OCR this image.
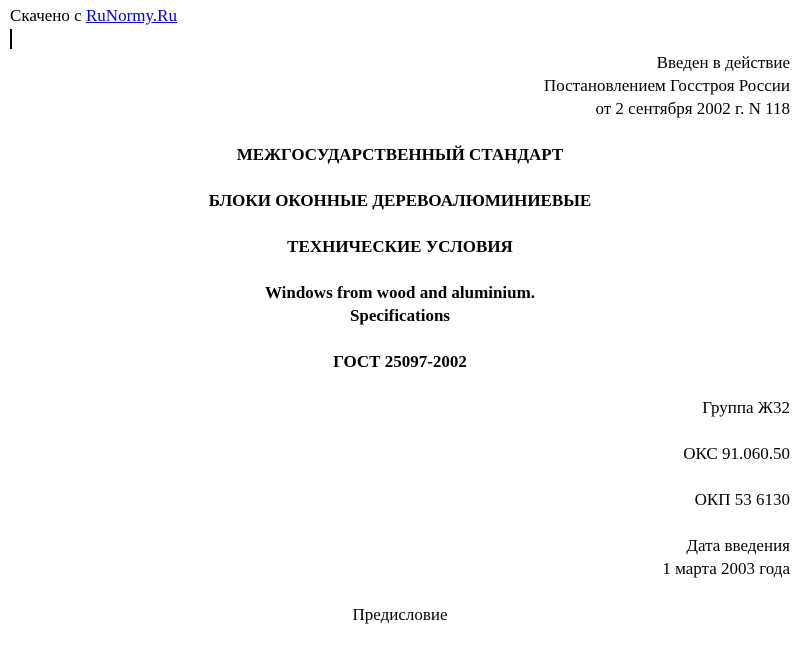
Скачено с RuNormy.Ru
Введен в действие
Постановлением Госстроя России
от 2 сентября 2002 г. N 118
МЕЖГОСУДАРСТВЕННЫЙ СТАНДАРТ
БЛОКИ ОКОННЫЕ ДЕРЕВОАЛЮМИНИЕВЫЕ
ТЕХНИЧЕСКИЕ УСЛОВИЯ
Windows from wood and aluminium.
Specifications
ГОСТ 25097-2002
Группа Ж32
ОКС 91.060.50
ОКП 53 6130
Дата введения
1 марта 2003 года
Предисловие
